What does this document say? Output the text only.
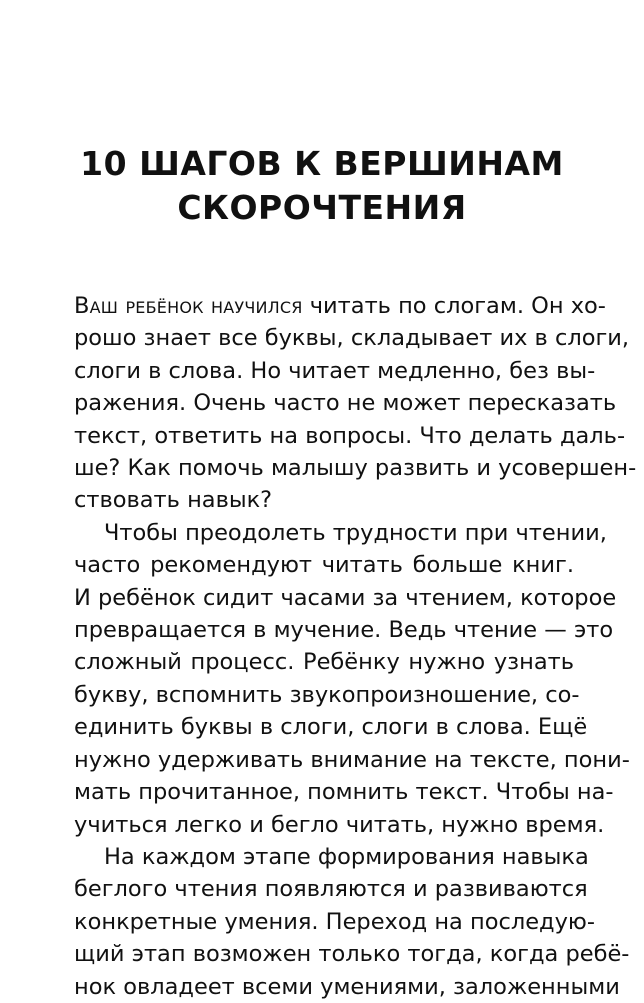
10 ШАГОВ К ВЕРШИНАМ
СКОРОЧТЕНИЯ
Ваш ребёнок научился читать по слогам. Он хо-
рошо знает все буквы, складывает их в слоги,
слоги в слова. Но читает медленно, без вы-
ражения. Очень часто не может пересказать
текст, ответить на вопросы. Что делать даль-
ше? Как помочь малышу развить и усовершен-
ствовать навык?
Чтобы преодолеть трудности при чтении,
часто рекомендуют читать больше книг.
И ребёнок сидит часами за чтением, которое
превращается в мучение. Ведь чтение — это
сложный процесс. Ребёнку нужно узнать
букву, вспомнить звукопроизношение, со-
единить буквы в слоги, слоги в слова. Ещё
нужно удерживать внимание на тексте, пони-
мать прочитанное, помнить текст. Чтобы на-
учиться легко и бегло читать, нужно время.
На каждом этапе формирования навыка
беглого чтения появляются и развиваются
конкретные умения. Переход на последую-
щий этап возможен только тогда, когда ребё-
нок овладеет всеми умениями, заложенными
